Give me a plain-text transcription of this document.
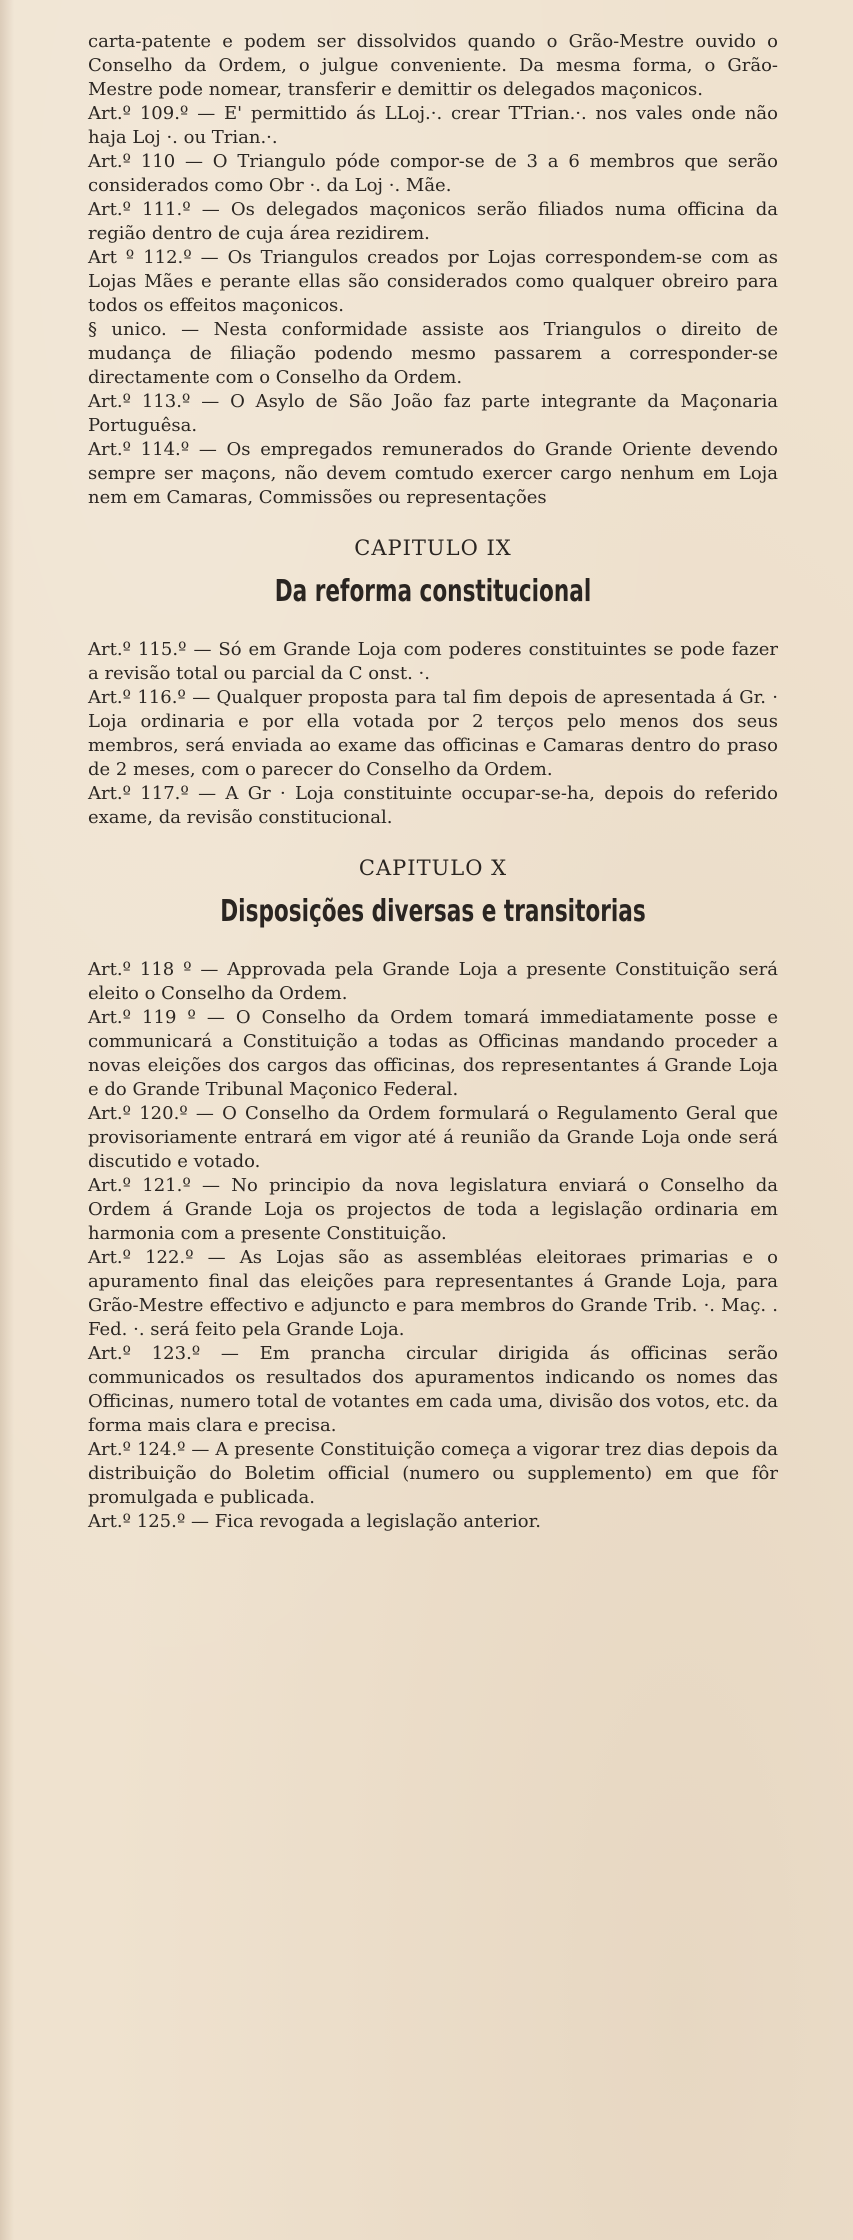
carta-patente e podem ser dissolvidos quando o Grão-Mestre ouvido o Conselho da Ordem, o julgue conveniente. Da mesma forma, o Grão-Mestre pode nomear, transferir e demittir os delegados maçonicos.

Art.º 109.º — E' permittido ás LLoj.·. crear TTrian.·. nos vales onde não haja Loj ·. ou Trian.·.

Art.º 110 — O Triangulo póde compor-se de 3 a 6 membros que serão considerados como Obr ·. da Loj ·. Mãe.

Art.º 111.º — Os delegados maçonicos serão filiados numa officina da região dentro de cuja área rezidirem.

Art º 112.º — Os Triangulos creados por Lojas correspondem-se com as Lojas Mães e perante ellas são considerados como qualquer obreiro para todos os effeitos maçonicos.

§ unico. — Nesta conformidade assiste aos Triangulos o direito de mudança de filiação podendo mesmo passarem a corresponder-se directamente com o Conselho da Ordem.

Art.º 113.º — O Asylo de São João faz parte integrante da Maçonaria Portuguêsa.

Art.º 114.º — Os empregados remunerados do Grande Oriente devendo sempre ser maçons, não devem comtudo exercer cargo nenhum em Loja nem em Camaras, Commissões ou representações

CAPITULO IX
Da reforma constitucional

Art.º 115.º — Só em Grande Loja com poderes constituintes se pode fazer a revisão total ou parcial da C onst. ·.

Art.º 116.º — Qualquer proposta para tal fim depois de apresentada á Gr. · Loja ordinaria e por ella votada por 2 terços pelo menos dos seus membros, será enviada ao exame das officinas e Camaras dentro do praso de 2 meses, com o parecer do Conselho da Ordem.

Art.º 117.º — A Gr · Loja constituinte occupar-se-ha, depois do referido exame, da revisão constitucional.

CAPITULO X
Disposições diversas e transitorias

Art.º 118 º — Approvada pela Grande Loja a presente Constituição será eleito o Conselho da Ordem.

Art.º 119 º — O Conselho da Ordem tomará immediatamente posse e communicará a Constituição a todas as Officinas mandando proceder a novas eleições dos cargos das officinas, dos representantes á Grande Loja e do Grande Tribunal Maçonico Federal.

Art.º 120.º — O Conselho da Ordem formulará o Regulamento Geral que provisoriamente entrará em vigor até á reunião da Grande Loja onde será discutido e votado.

Art.º 121.º — No principio da nova legislatura enviará o Conselho da Ordem á Grande Loja os projectos de toda a legislação ordinaria em harmonia com a presente Constituição.

Art.º 122.º — As Lojas são as assembléas eleitoraes primarias e o apuramento final das eleições para representantes á Grande Loja, para Grão-Mestre effectivo e adjuncto e para membros do Grande Trib. ·. Maç. . Fed. ·. será feito pela Grande Loja.

Art.º 123.º — Em prancha circular dirigida ás officinas serão communicados os resultados dos apuramentos indicando os nomes das Officinas, numero total de votantes em cada uma, divisão dos votos, etc. da forma mais clara e precisa.

Art.º 124.º — A presente Constituição começa a vigorar trez dias depois da distribuição do Boletim official (numero ou supplemento) em que fôr promulgada e publicada.

Art.º 125.º — Fica revogada a legislação anterior.
